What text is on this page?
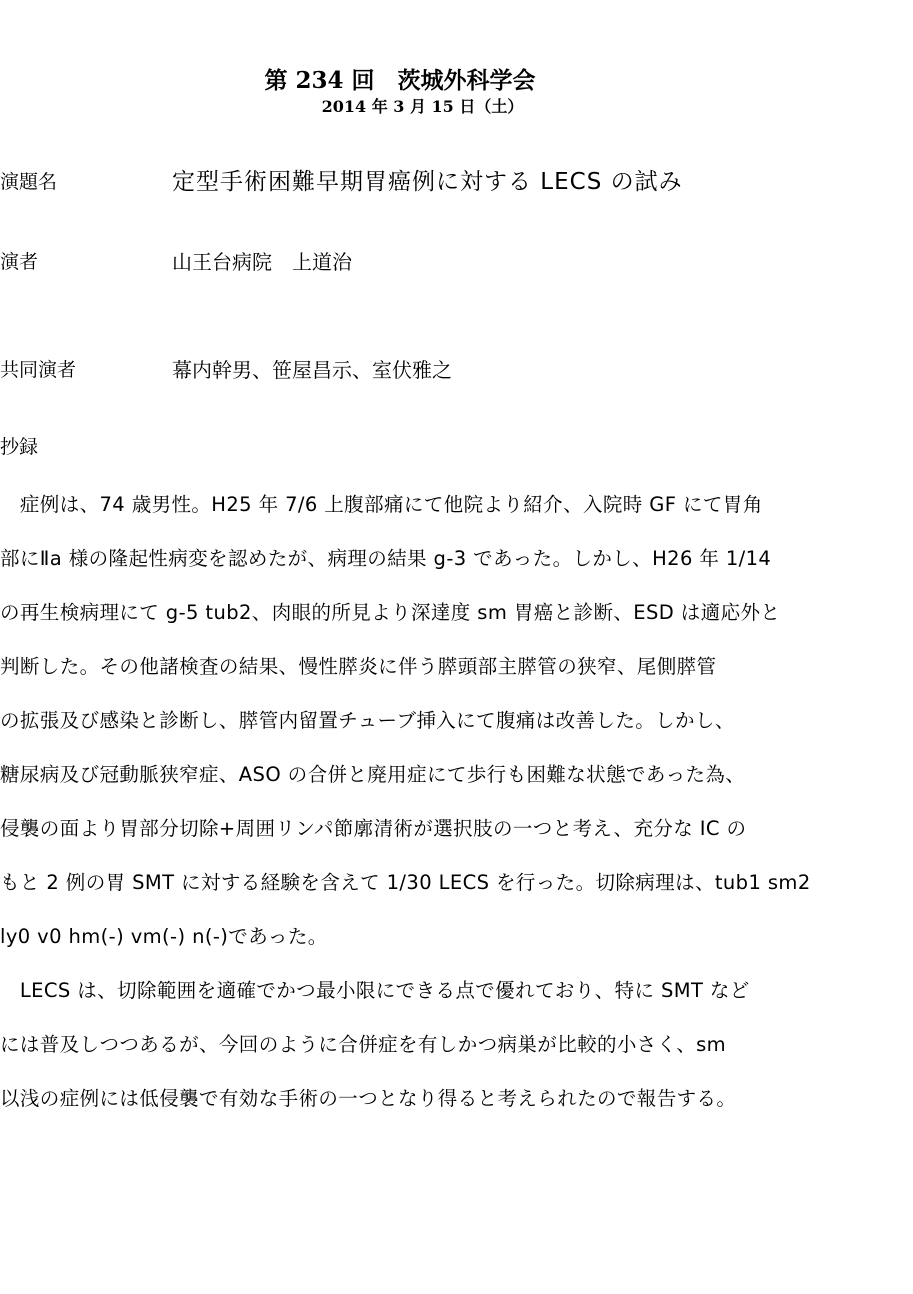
第 234 回　茨城外科学会
2014 年 3 月 15 日（土）
演題名	定型手術困難早期胃癌例に対する LECS の試み
演者	山王台病院　上道治
共同演者	幕内幹男、笹屋昌示、室伏雅之
抄録
　症例は、74 歳男性。H25 年 7/6 上腹部痛にて他院より紹介、入院時 GF にて胃角
部にⅡa 様の隆起性病変を認めたが、病理の結果 g-3 であった。しかし、H26 年 1/14
の再生検病理にて g-5 tub2、肉眼的所見より深達度 sm 胃癌と診断、ESD は適応外と
判断した。その他諸検査の結果、慢性膵炎に伴う膵頭部主膵管の狭窄、尾側膵管
の拡張及び感染と診断し、膵管内留置チューブ挿入にて腹痛は改善した。しかし、
糖尿病及び冠動脈狭窄症、ASO の合併と廃用症にて歩行も困難な状態であった為、
侵襲の面より胃部分切除+周囲リンパ節廓清術が選択肢の一つと考え、充分な IC の
もと 2 例の胃 SMT に対する経験を含えて 1/30 LECS を行った。切除病理は、tub1 sm2
ly0 v0 hm(-) vm(-) n(-)であった。
　LECS は、切除範囲を適確でかつ最小限にできる点で優れており、特に SMT など
には普及しつつあるが、今回のように合併症を有しかつ病巣が比較的小さく、sm
以浅の症例には低侵襲で有効な手術の一つとなり得ると考えられたので報告する。
